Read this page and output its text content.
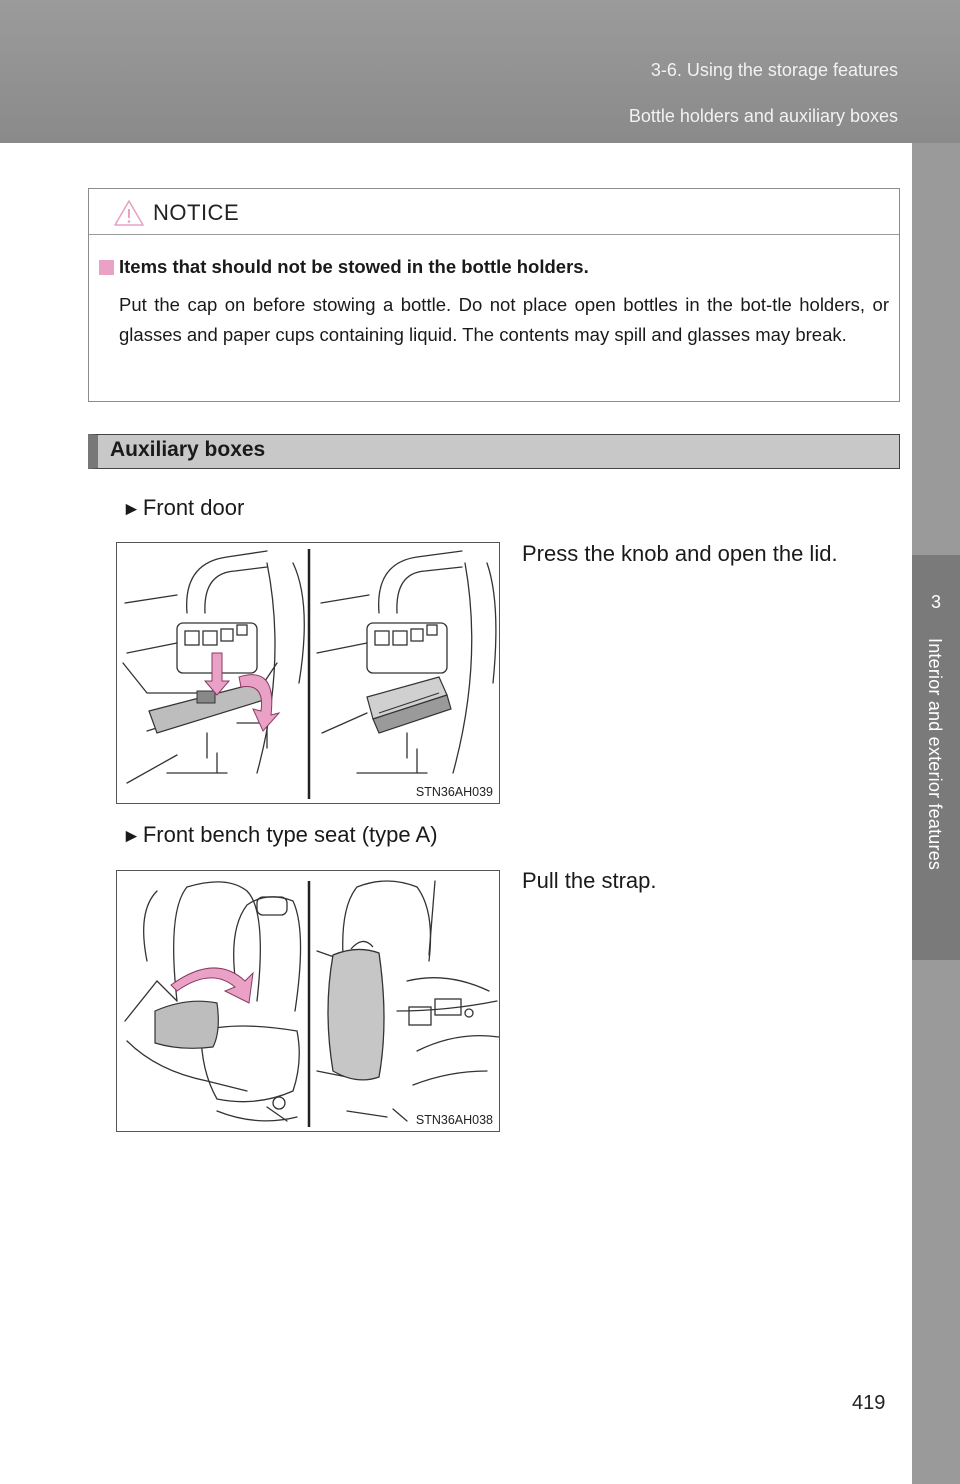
3-6. Using the storage features
Bottle holders and auxiliary boxes
3
Interior and exterior features
NOTICE
Items that should not be stowed in the bottle holders.
Put the cap on before stowing a bottle. Do not place open bottles in the bot-tle holders, or glasses and paper cups containing liquid. The contents may spill and glasses may break.
Auxiliary boxes
►Front door
Press the knob and open the lid.
STN36AH039
►Front bench type seat (type A)
Pull the strap.
STN36AH038
419
